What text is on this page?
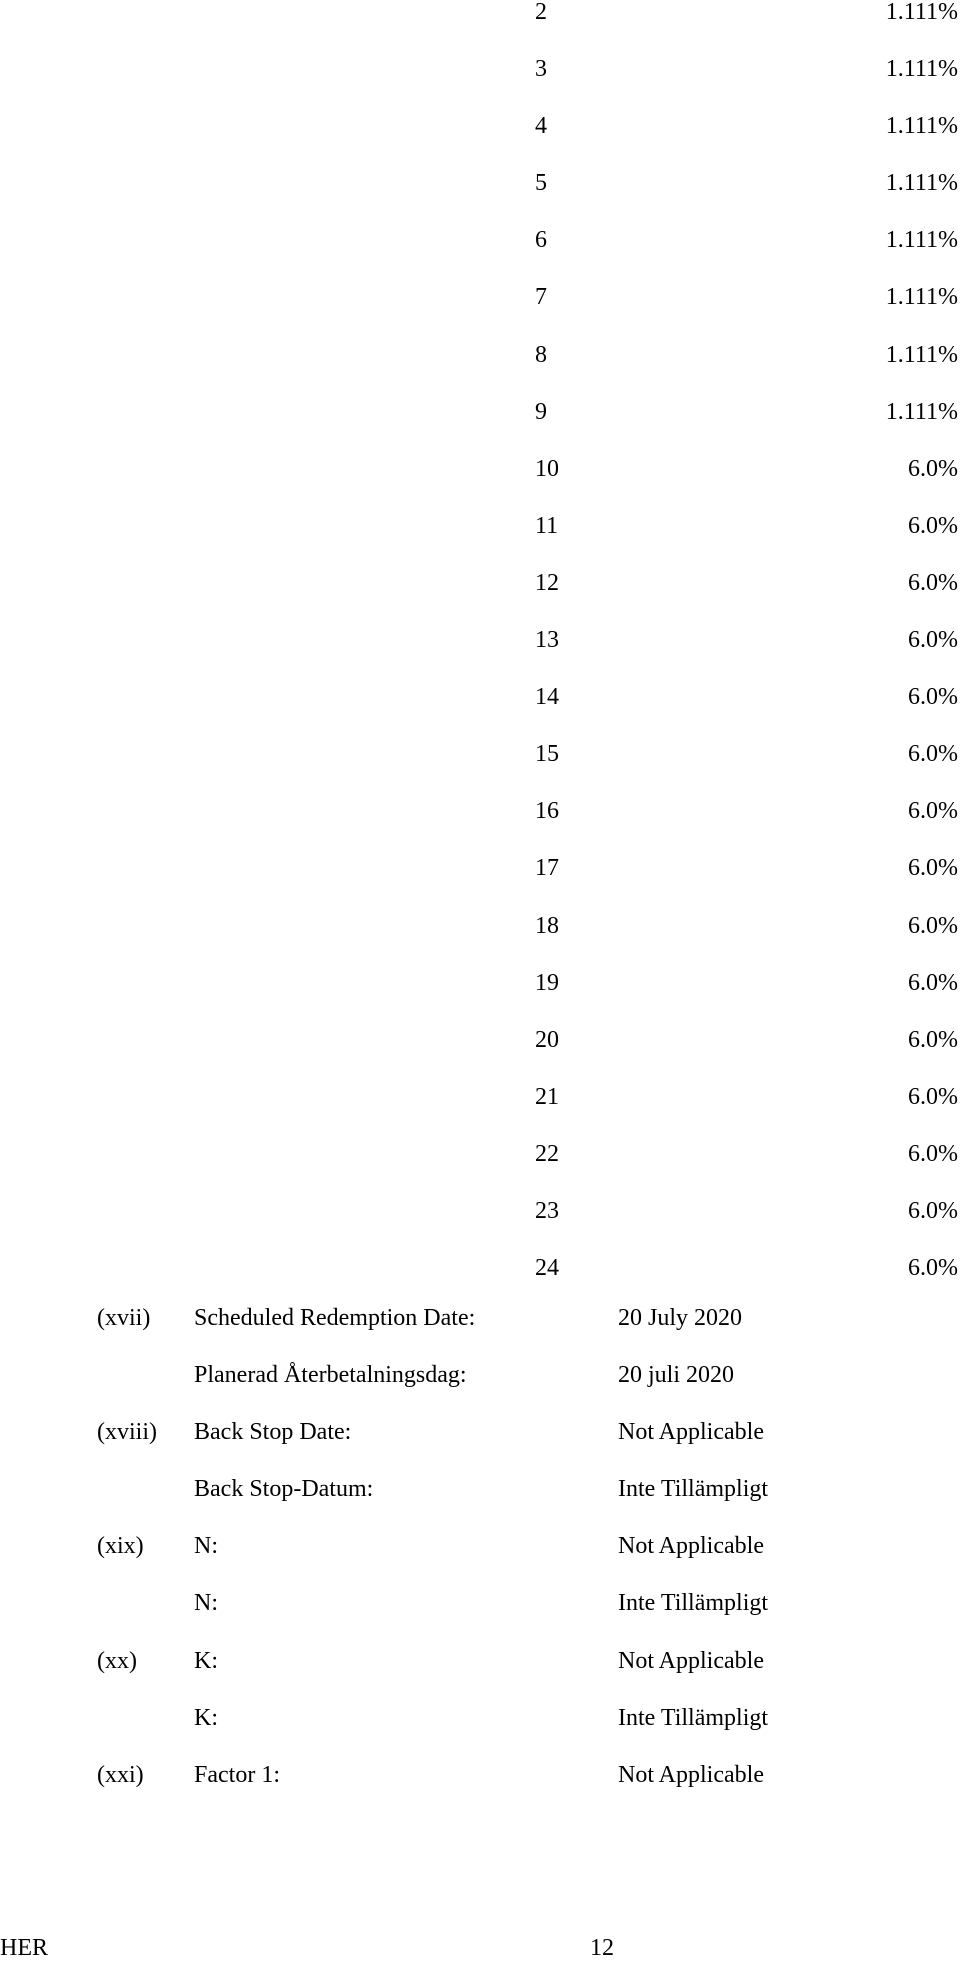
2	1.111%
3	1.111%
4	1.111%
5	1.111%
6	1.111%
7	1.111%
8	1.111%
9	1.111%
10	6.0%
11	6.0%
12	6.0%
13	6.0%
14	6.0%
15	6.0%
16	6.0%
17	6.0%
18	6.0%
19	6.0%
20	6.0%
21	6.0%
22	6.0%
23	6.0%
24	6.0%
(xvii) Scheduled Redemption Date:	20 July 2020
Planerad Återbetalningsdag:	20 juli 2020
(xviii) Back Stop Date:	Not Applicable
Back Stop-Datum:	Inte Tillämpligt
(xix) N:	Not Applicable
N:	Inte Tillämpligt
(xx) K:	Not Applicable
K:	Inte Tillämpligt
(xxi) Factor 1:	Not Applicable
HER	12
